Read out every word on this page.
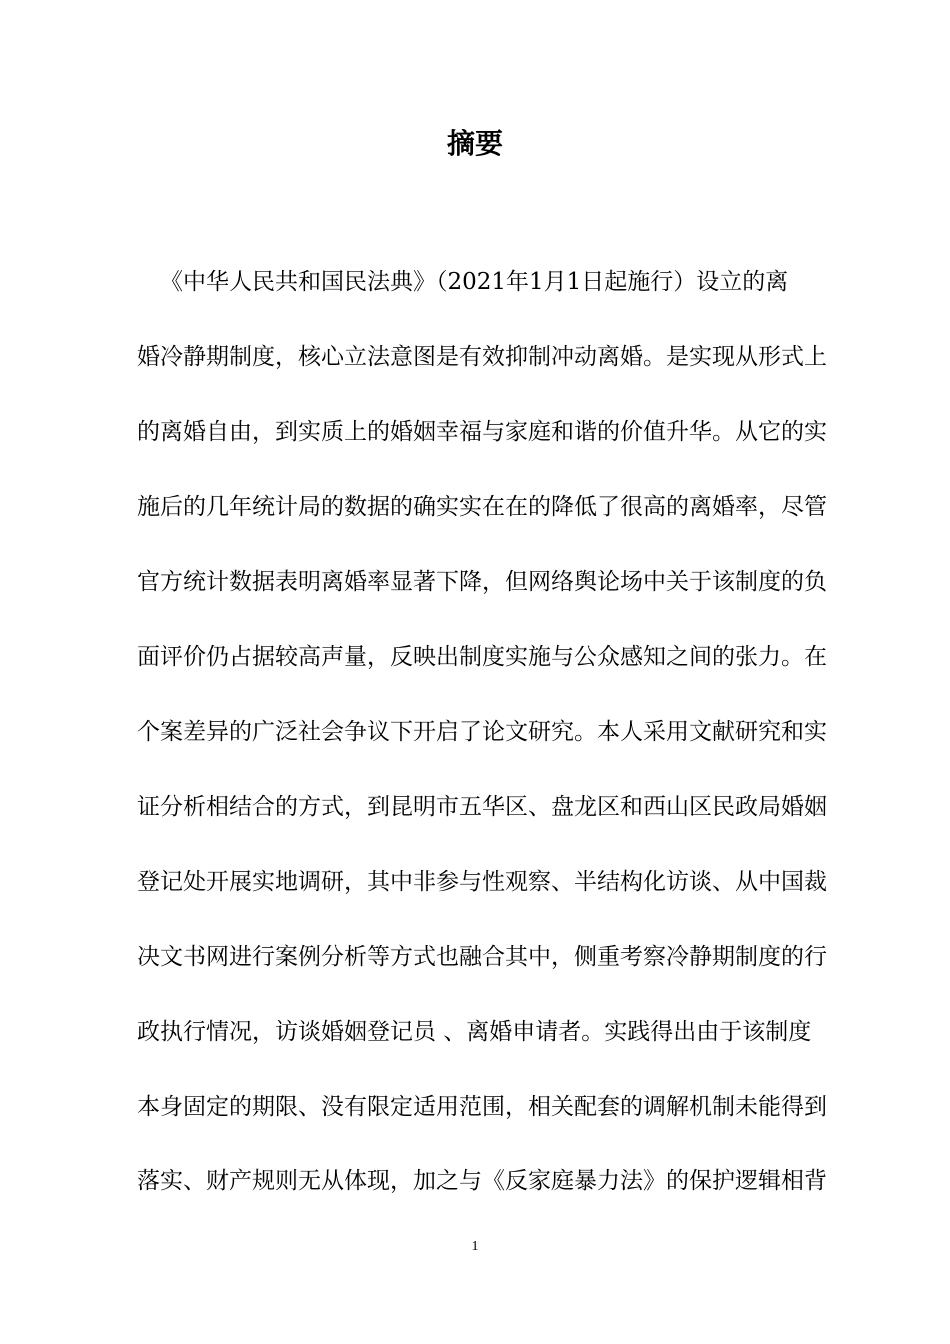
摘要
《中华人民共和国民法典》（2021年1月1日起施行）设立的离
婚冷静期制度，核心立法意图是有效抑制冲动离婚。是实现从形式上
的离婚自由，到实质上的婚姻幸福与家庭和谐的价值升华。从它的实
施后的几年统计局的数据的确实实在在的降低了很高的离婚率，尽管
官方统计数据表明离婚率显著下降，但网络舆论场中关于该制度的负
面评价仍占据较高声量，反映出制度实施与公众感知之间的张力。在
个案差异的广泛社会争议下开启了论文研究。本人采用文献研究和实
证分析相结合的方式，到昆明市五华区、盘龙区和西山区民政局婚姻
登记处开展实地调研，其中非参与性观察、半结构化访谈、从中国裁
决文书网进行案例分析等方式也融合其中，侧重考察冷静期制度的行
政执行情况，访谈婚姻登记员 、离婚申请者。实践得出由于该制度
本身固定的期限、没有限定适用范围，相关配套的调解机制未能得到
落实、财产规则无从体现，加之与《反家庭暴力法》的保护逻辑相背
1
